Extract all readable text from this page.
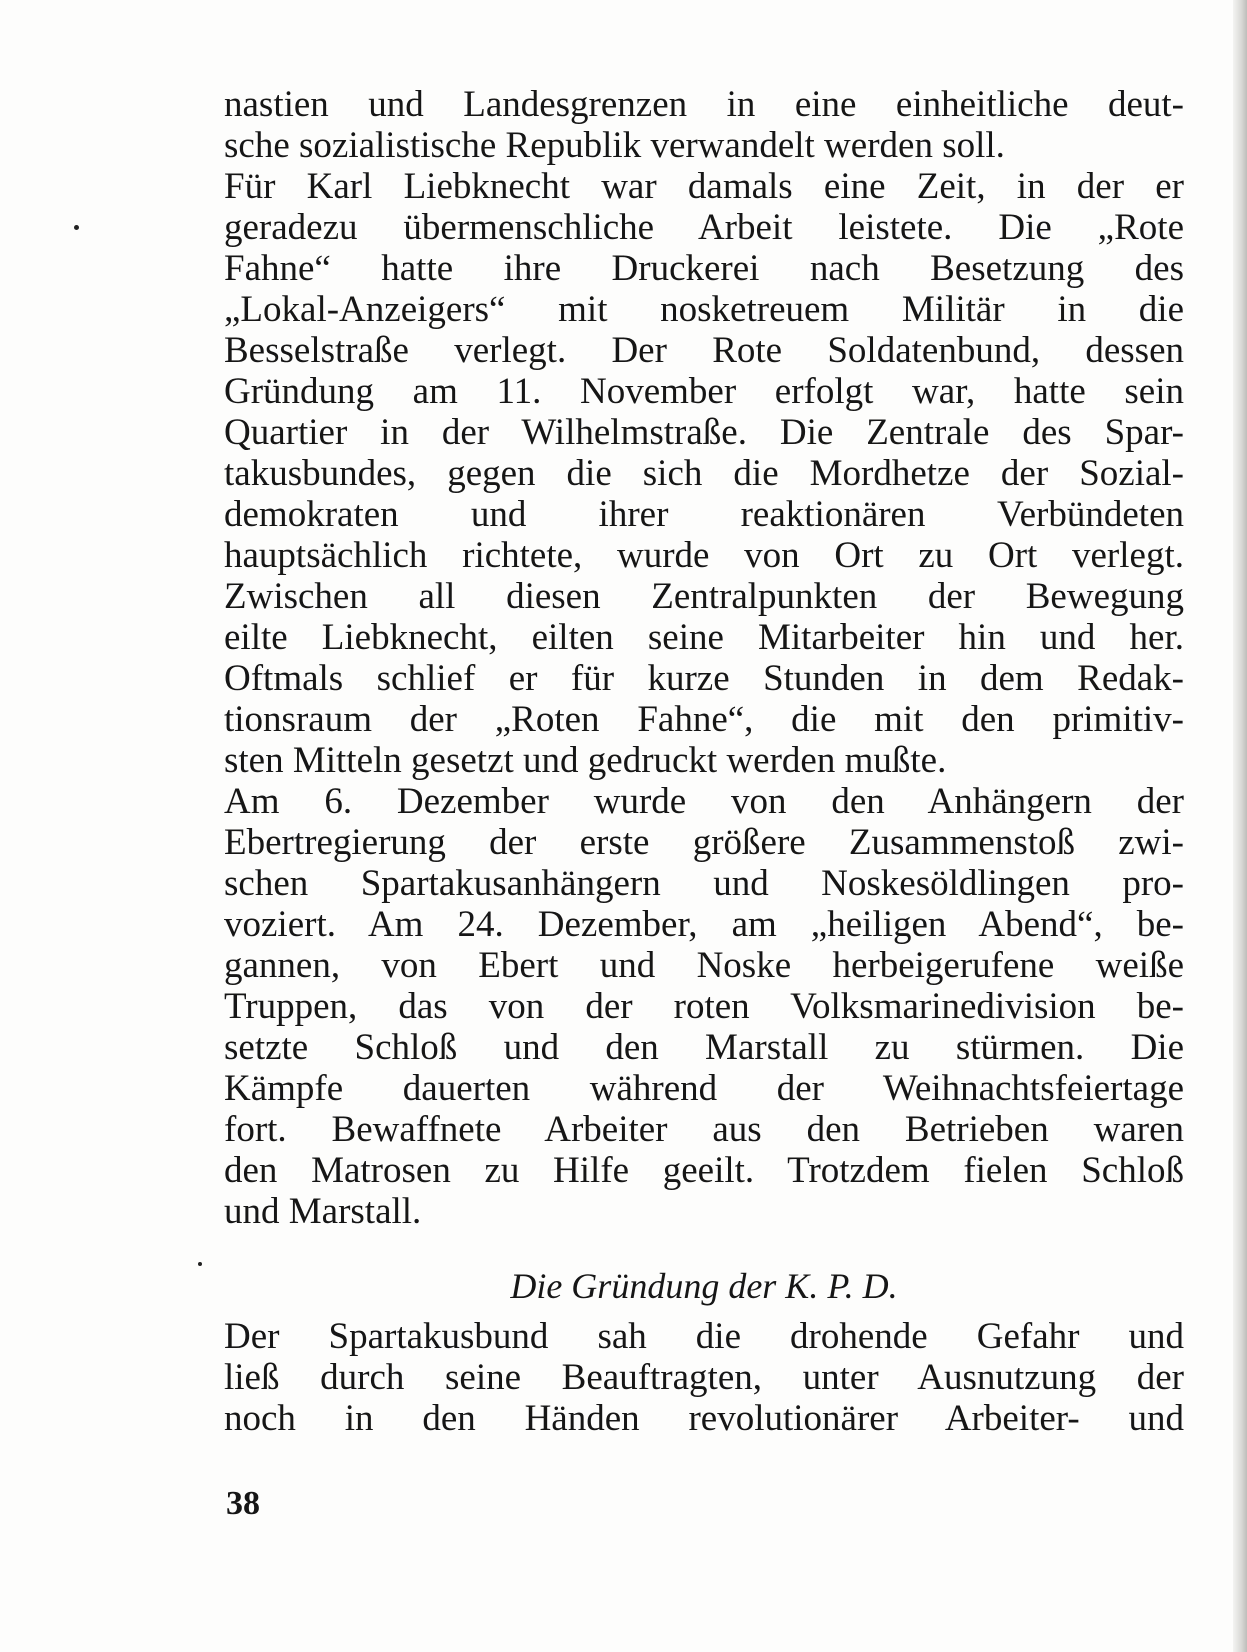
nastien und Landesgrenzen in eine einheitliche deut-
sche sozialistische Republik verwandelt werden soll.
Für Karl Liebknecht war damals eine Zeit, in der er
geradezu übermenschliche Arbeit leistete. Die „Rote
Fahne“ hatte ihre Druckerei nach Besetzung des
„Lokal-Anzeigers“ mit nosketreuem Militär in die
Besselstraße verlegt. Der Rote Soldatenbund, dessen
Gründung am 11. November erfolgt war, hatte sein
Quartier in der Wilhelmstraße. Die Zentrale des Spar-
takusbundes, gegen die sich die Mordhetze der Sozial-
demokraten und ihrer reaktionären Verbündeten
hauptsächlich richtete, wurde von Ort zu Ort verlegt.
Zwischen all diesen Zentralpunkten der Bewegung
eilte Liebknecht, eilten seine Mitarbeiter hin und her.
Oftmals schlief er für kurze Stunden in dem Redak-
tionsraum der „Roten Fahne“, die mit den primitiv-
sten Mitteln gesetzt und gedruckt werden mußte.
Am 6. Dezember wurde von den Anhängern der
Ebertregierung der erste größere Zusammenstoß zwi-
schen Spartakusanhängern und Noskesöldlingen pro-
voziert. Am 24. Dezember, am „heiligen Abend“, be-
gannen, von Ebert und Noske herbeigerufene weiße
Truppen, das von der roten Volksmarinedivision be-
setzte Schloß und den Marstall zu stürmen. Die
Kämpfe dauerten während der Weihnachtsfeiertage
fort. Bewaffnete Arbeiter aus den Betrieben waren
den Matrosen zu Hilfe geeilt. Trotzdem fielen Schloß
und Marstall.
Die Gründung der K. P. D.
Der Spartakusbund sah die drohende Gefahr und
ließ durch seine Beauftragten, unter Ausnutzung der
noch in den Händen revolutionärer Arbeiter- und
38
